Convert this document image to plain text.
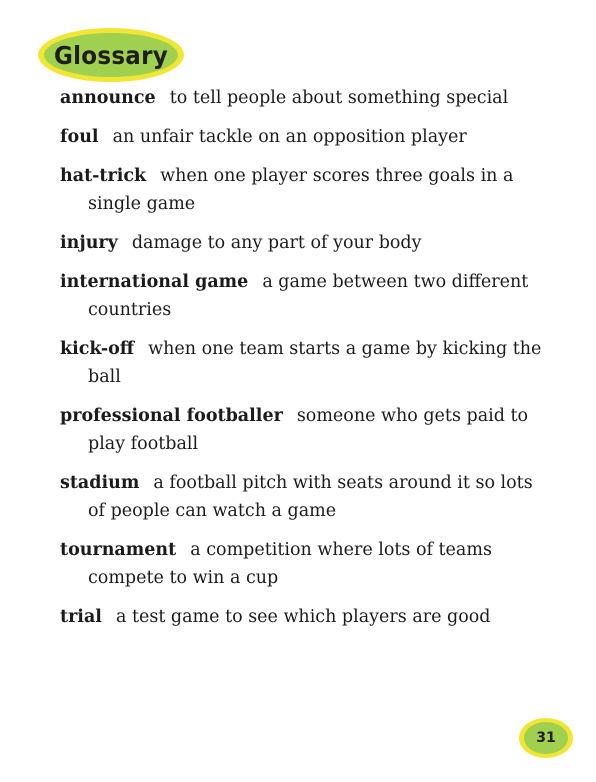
Glossary
announce to tell people about something special
foul an unfair tackle on an opposition player
hat-trick when one player scores three goals in a single game
injury damage to any part of your body
international game a game between two different countries
kick-off when one team starts a game by kicking the ball
professional footballer someone who gets paid to play football
stadium a football pitch with seats around it so lots of people can watch a game
tournament a competition where lots of teams compete to win a cup
trial a test game to see which players are good
31
